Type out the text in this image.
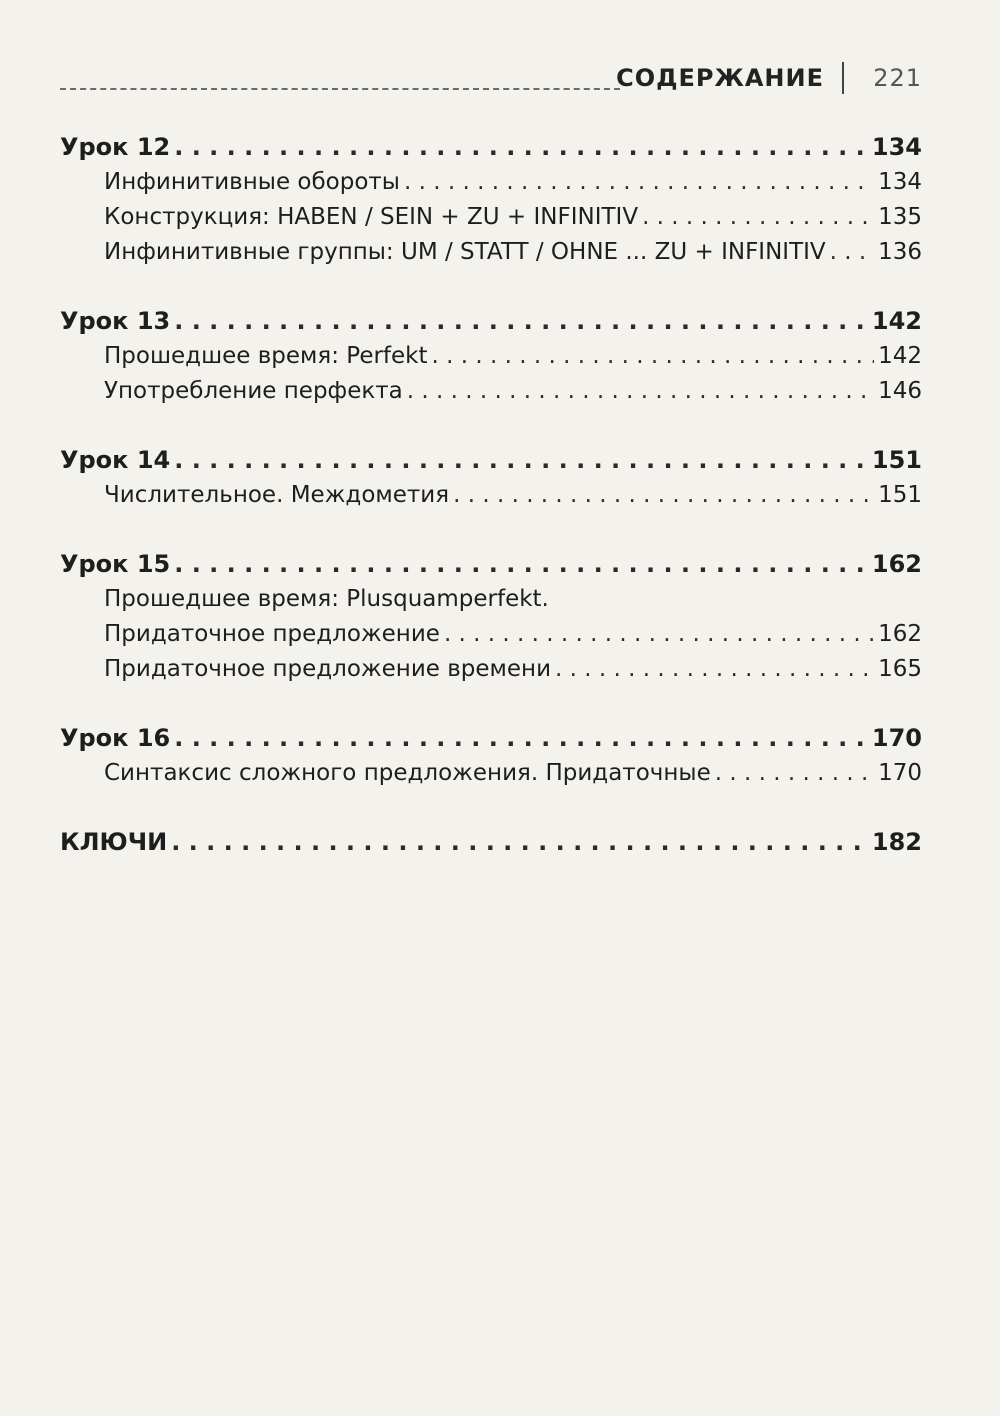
СОДЕРЖАНИЕ 221
Урок 12 . . .	134
Инфинитивные обороты . . .	134
Конструкция: HABEN / SEIN + ZU + INFINITIV . . .	135
Инфинитивные группы: UM / STATT / OHNE ... ZU + INFINITIV . . . 136
Урок 13 . . .	142
Прошедшее время: Perfekt . . .	142
Употребление перфекта . . .	146
Урок 14 . . .	151
Числительное. Междометия . . .	151
Урок 15 . . .	162
Прошедшее время: Plusquamperfekt.
Придаточное предложение . . .	162
Придаточное предложение времени . . .	165
Урок 16 . . .	170
Синтаксис сложного предложения. Придаточные . . .	170
КЛЮЧИ . . .	182
